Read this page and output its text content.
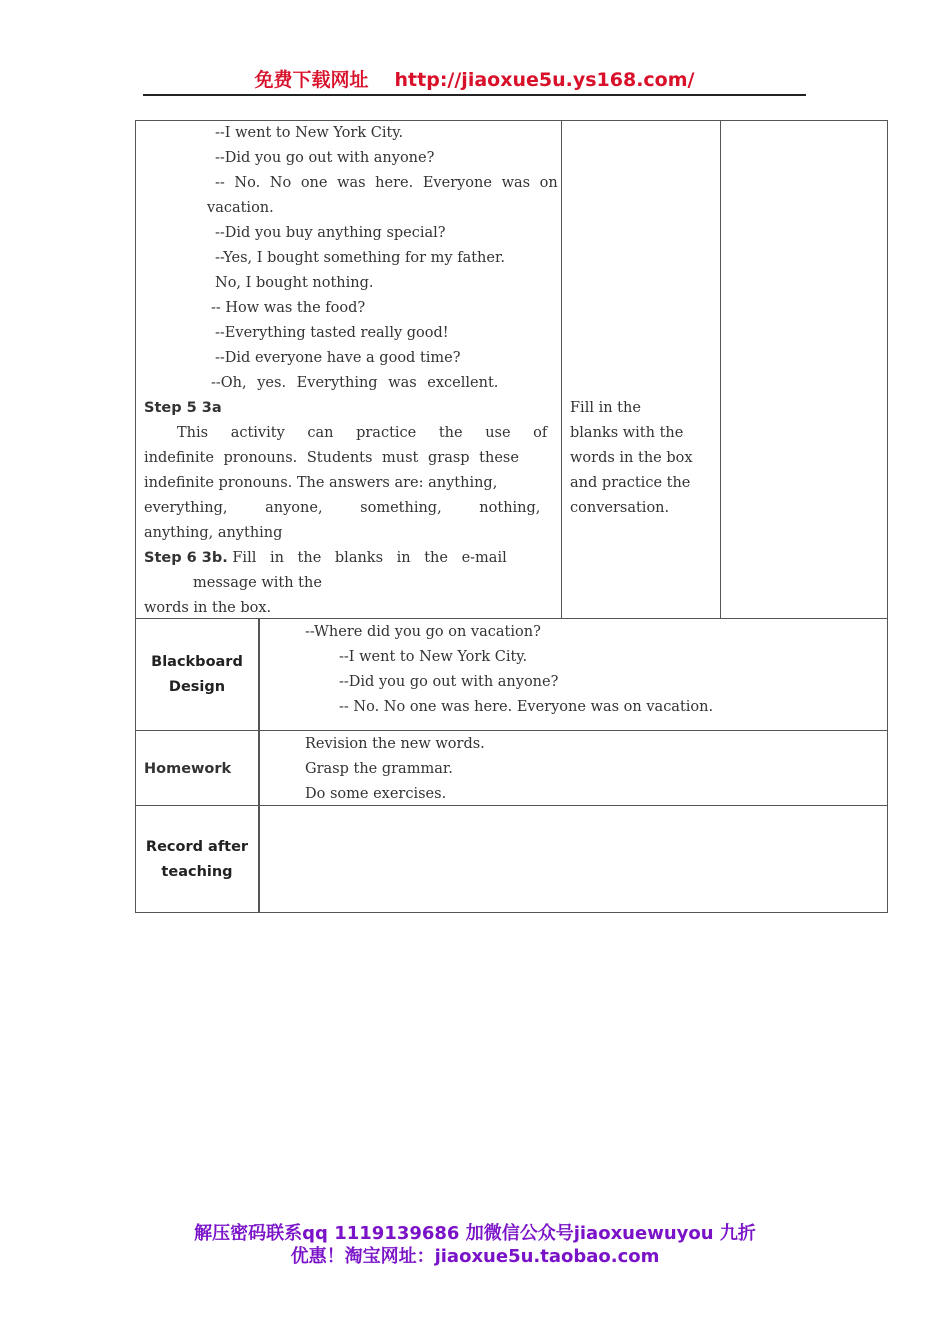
免费下载网址 http://jiaoxue5u.ys168.com/
--I went to New York City.
--Did you go out with anyone?
-- No. No one was here. Everyone was on
vacation.
--Did you buy anything special?
--Yes, I bought something for my father.
No, I bought nothing.
-- How was the food?
--Everything tasted really good!
--Did everyone have a good time?
--Oh, yes. Everything was excellent.
Step 5 3a
This activity can practice the use of
indefinite pronouns. Students must grasp these
indefinite pronouns. The answers are: anything,
everything, anyone, something, nothing,
anything, anything
Step 6 3b. Fill in the blanks in the e-mail
message with the
words in the box.
Fill in the
blanks with the
words in the box
and practice the
conversation.
Blackboard
Design
--Where did you go on vacation?
--I went to New York City.
--Did you go out with anyone?
-- No. No one was here. Everyone was on vacation.
Homework
Revision the new words.
Grasp the grammar.
Do some exercises.
Record after
teaching
解压密码联系qq 1119139686 加微信公众号jiaoxuewuyou 九折
优惠！淘宝网址：jiaoxue5u.taobao.com
